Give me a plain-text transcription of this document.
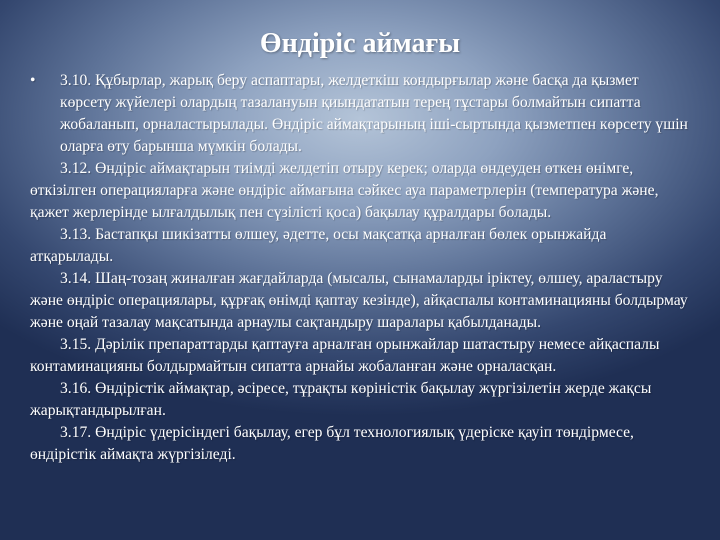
Өндіріс аймағы
•	3.10. Құбырлар, жарық беру аспаптары, желдеткіш кондырғылар және басқа да қызмет көрсету жүйелері олардың тазалануын қиындататын терең тұстары болмайтын сипатта жобаланып, орналастырылады. Өндіріс аймақтарының іші-сыртында қызметпен көрсету үшін оларға өту барынша мүмкін болады.
3.12. Өндіріс аймақтарын тиімді желдетіп отыру керек; оларда өндеуден өткен өнімге, өткізілген операцияларға және өндіріс аймағына сәйкес ауа параметрлерін (температура және, қажет жерлерінде ылғалдылық пен сүзілісті қоса) бақылау құралдары болады.
3.13. Бастапқы шикізатты өлшеу, әдетте, осы мақсатқа арналған бөлек орынжайда атқарылады.
3.14. Шаң-тозаң жиналған жағдайларда (мысалы, сынамаларды іріктеу, өлшеу, араластыру және өндіріс операциялары, құрғақ өнімді қаптау кезінде), айқаспалы контаминацияны болдырмау және оңай тазалау мақсатында арнаулы сақтандыру шаралары қабылданады.
3.15. Дәрілік препараттарды қаптауға арналған орынжайлар шатастыру немесе айқаспалы контаминацияны болдырмайтын сипатта арнайы жобаланған және орналасқан.
3.16. Өндірістік аймақтар, әсіресе, тұрақты көріністік бақылау жүргізілетін жерде жақсы жарықтандырылған.
3.17. Өндіріс үдерісіндегі бақылау, егер бұл технологиялық үдеріске қауіп төндірмесе, өндірістік аймақта жүргізіледі.
